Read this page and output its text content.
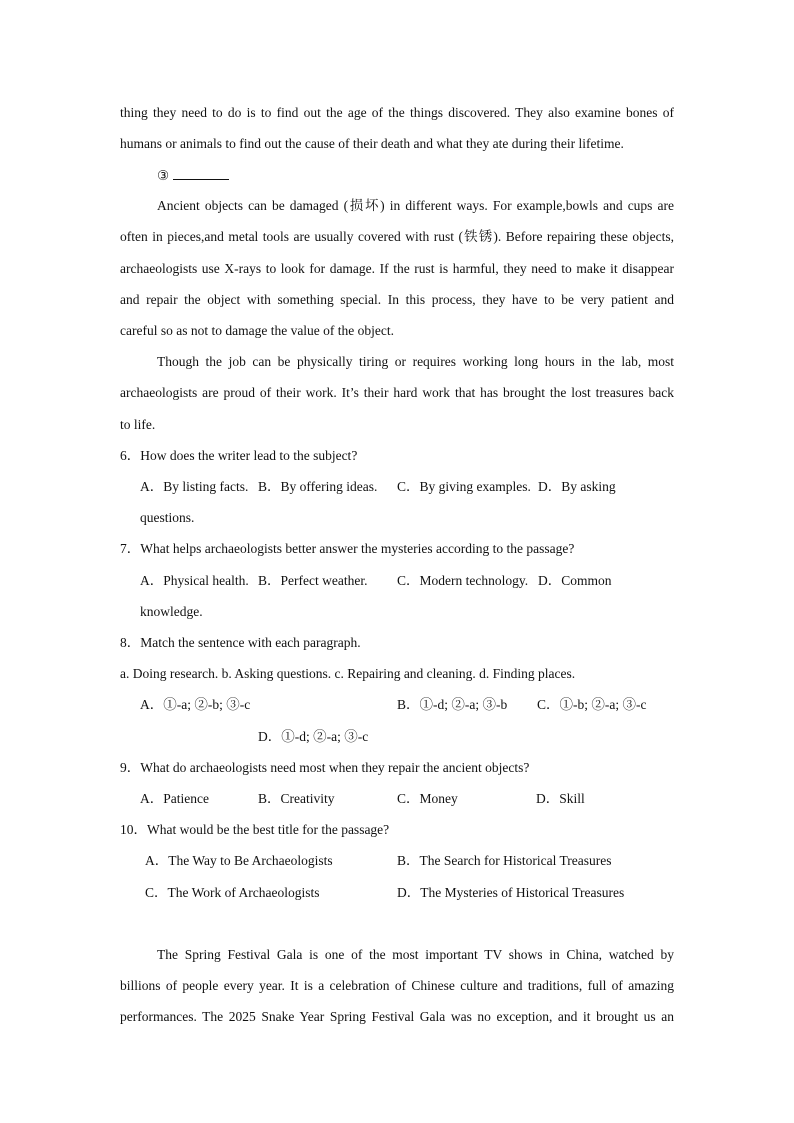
thing they need to do is to find out the age of the things discovered. They also examine bones of
humans or animals to find out the cause of their death and what they ate during their lifetime.
③
Ancient objects can be damaged (损坏) in different ways. For example,bowls and cups are
often in pieces,and metal tools are usually covered with rust (铁锈). Before repairing these objects,
archaeologists use X-rays to look for damage. If the rust is harmful, they need to make it disappear
and repair the object with something special. In this process, they have to be very patient and
careful so as not to damage the value of the object.
Though the job can be physically tiring or requires working long hours in the lab, most
archaeologists are proud of their work. It’s their hard work that has brought the lost treasures back
to life.
6．How does the writer lead to the subject?
A．By listing facts. B．By offering ideas. C．By giving examples. D．By asking
questions.
7．What helps archaeologists better answer the mysteries according to the passage?
A．Physical health. B．Perfect weather. C．Modern technology. D．Common
knowledge.
8．Match the sentence with each paragraph.
a. Doing research. b. Asking questions. c. Repairing and cleaning. d. Finding places.
A．①-a; ②-b; ③-c	B．①-d; ②-a; ③-b C．①-b; ②-a; ③-c
D．①-d; ②-a; ③-c
9．What do archaeologists need most when they repair the ancient objects?
A．Patience	B．Creativity	C．Money	D．Skill
10．What would be the best title for the passage?
A．The Way to Be Archaeologists	B．The Search for Historical Treasures
C．The Work of Archaeologists	D．The Mysteries of Historical Treasures
The Spring Festival Gala is one of the most important TV shows in China, watched by
billions of people every year. It is a celebration of Chinese culture and traditions, full of amazing
performances. The 2025 Snake Year Spring Festival Gala was no exception, and it brought us an
